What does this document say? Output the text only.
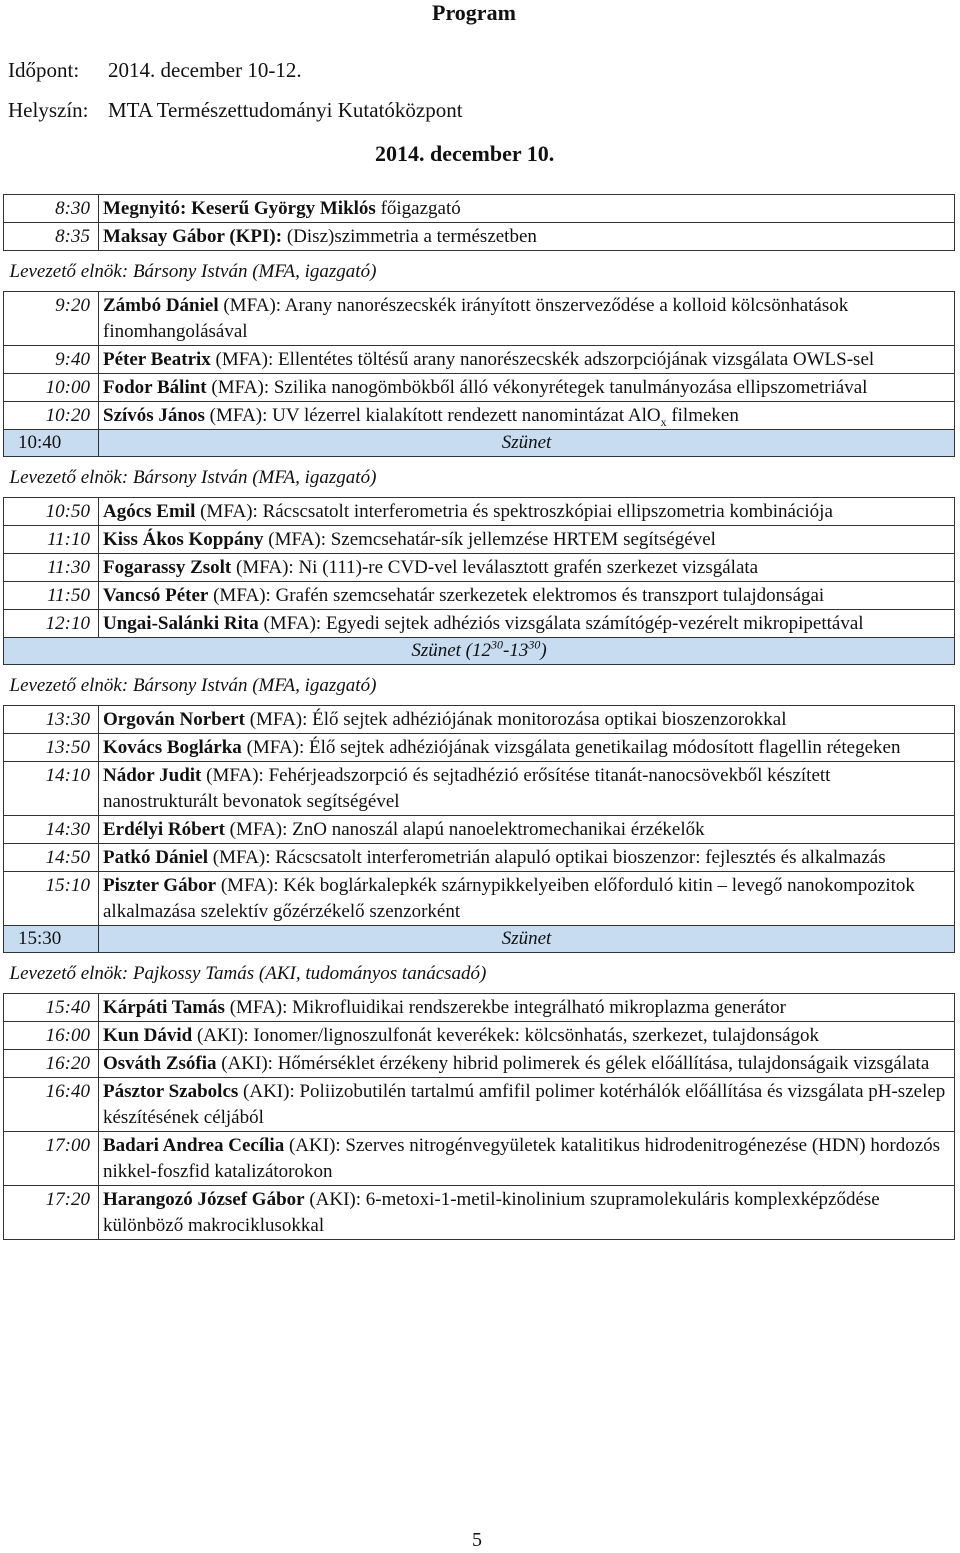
Program
Időpont: 2014. december 10-12.
Helyszín: MTA Természettudományi Kutatóközpont
2014. december 10.
8:30	Megnyitó: Keserű György Miklós főigazgató
8:35	Maksay Gábor (KPI): (Disz)szimmetria a természetben
Levezető elnök: Bársony István (MFA, igazgató)	
9:20	Zámbó Dániel (MFA): Arany nanorészecskék irányított önszerveződése a kolloid kölcsönhatások finomhangolásával
9:40	Péter Beatrix (MFA): Ellentétes töltésű arany nanorészecskék adszorpciójának vizsgálata OWLS-sel
10:00	Fodor Bálint (MFA): Szilika nanogömbökből álló vékonyrétegek tanulmányozása ellipszometriával
10:20	Szívós János (MFA): UV lézerrel kialakított rendezett nanomintázat AlO$_x$ filmeken
10:40	Szünet
Levezető elnök: Bársony István (MFA, igazgató)	
10:50	Agócs Emil (MFA): Rácscsatolt interferometria és spektroszkópiai ellipszometria kombinációja
11:10	Kiss Ákos Koppány (MFA): Szemcsehatár-sík jellemzése HRTEM segítségével
11:30	Fogarassy Zsolt (MFA): Ni (111)-re CVD-vel leválasztott grafén szerkezet vizsgálata
11:50	Vancsó Péter (MFA): Grafén szemcsehatár szerkezetek elektromos és transzport tulajdonságai
12:10	Ungai-Salánki Rita (MFA): Egyedi sejtek adhéziós vizsgálata számítógép-vezérelt mikropipettával
Szünet $(12^{30}-13^{30})$	
Levezető elnök: Bársony István (MFA, igazgató)	
13:30	Orgován Norbert (MFA): Élő sejtek adhéziójának monitorozása optikai bioszenzorokkal
13:50	Kovács Boglárka (MFA): Élő sejtek adhéziójának vizsgálata genetikailag módosított flagellin rétegeken
14:10	Nádor Judit (MFA): Fehérjeadszorpció és sejtadhézió erősítése titanát-nanocsövekből készített nanostrukturált bevonatok segítségével
14:30	Erdélyi Róbert (MFA): ZnO nanoszál alapú nanoelektromechanikai érzékelők
14:50	Patkó Dániel (MFA): Rácscsatolt interferometrián alapuló optikai bioszenzor: fejlesztés és alkalmazás
15:10	Piszter Gábor (MFA): Kék boglárkalepkék szárnypikkelyeiben előforduló kitin – levegő nanokompozitok alkalmazása szelektív gőzérzékelő szenzorként
15:30	Szünet
Levezető elnök: Pajkossy Tamás (AKI, tudományos tanácsadó)	
15:40	Kárpáti Tamás (MFA): Mikrofluidikai rendszerekbe integrálható mikroplazma generátor
16:00	Kun Dávid (AKI): Ionomer/lignoszulfonát keverékek: kölcsönhatás, szerkezet, tulajdonságok
16:20	Osváth Zsófia (AKI): Hőmérséklet érzékeny hibrid polimerek és gélek előállítása, tulajdonságaik vizsgálata
16:40	Pásztor Szabolcs (AKI): Poliizobutilén tartalmú amfifil polimer kotérhálók előállítása és vizsgálata pH-szelep készítésének céljából
17:00	Badari Andrea Cecília (AKI): Szerves nitrogénvegyületek katalitikus hidrodenitrogénezése (HDN) hordozós nikkel-foszfid katalizátorokon
17:20	Harangozó József Gábor (AKI): 6-metoxi-1-metil-kinolinium szupramolekuláris komplexképződése különböző makrociklusokkal
5
